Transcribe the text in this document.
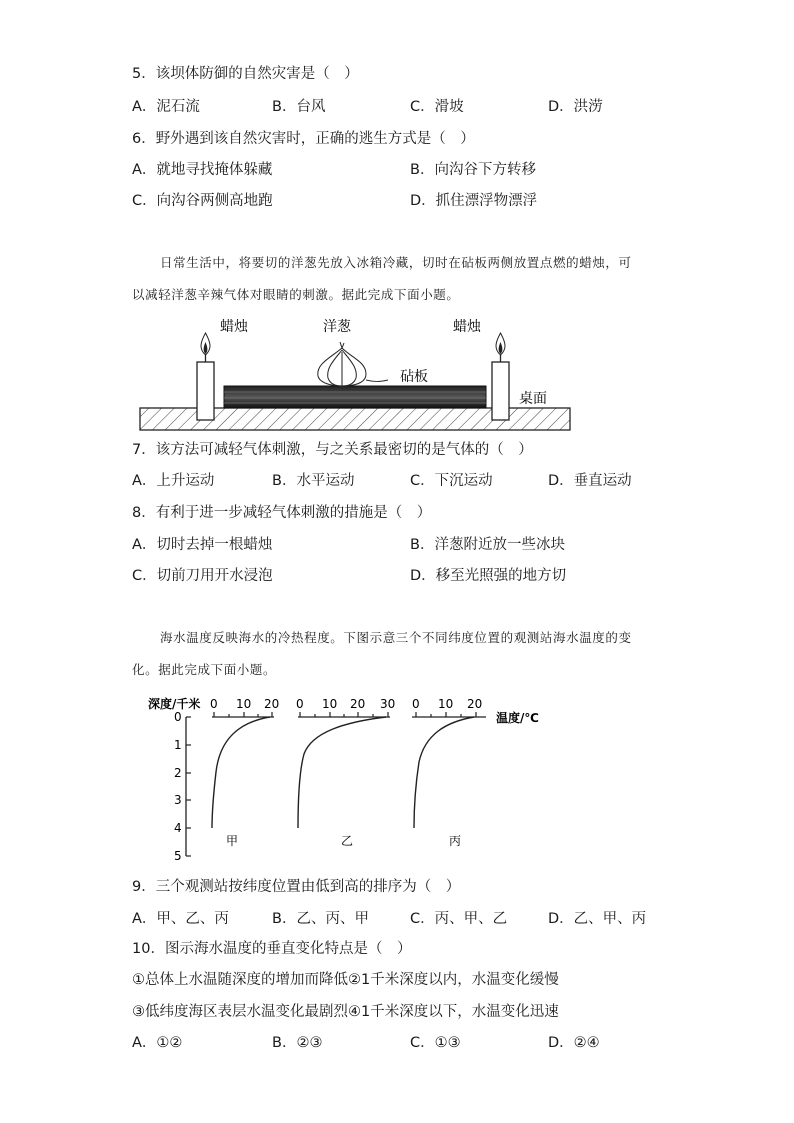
5．该坝体防御的自然灾害是（　）
A．泥石流	B．台风	C．滑坡	D．洪涝
6．野外遇到该自然灾害时，正确的逃生方式是（　）
A．就地寻找掩体躲藏	B．向沟谷下方转移
C．向沟谷两侧高地跑	D．抓住漂浮物漂浮
日常生活中，将要切的洋葱先放入冰箱冷藏，切时在砧板两侧放置点燃的蜡烛，可
以减轻洋葱辛辣气体对眼睛的刺激。据此完成下面小题。
蜡烛	洋葱	蜡烛
砧板
桌面
7．该方法可减轻气体刺激，与之关系最密切的是气体的（　）
A．上升运动	B．水平运动	C．下沉运动	D．垂直运动
8．有利于进一步减轻气体刺激的措施是（　）
A．切时去掉一根蜡烛	B．洋葱附近放一些冰块
C．切前刀用开水浸泡	D．移至光照强的地方切
海水温度反映海水的冷热程度。下图示意三个不同纬度位置的观测站海水温度的变
化。据此完成下面小题。
深度/千米
温度/℃
0
1
2
3
4
5
0 10 20
甲
0 10 20 30
乙
0 10 20
丙
9．三个观测站按纬度位置由低到高的排序为（　）
A．甲、乙、丙	B．乙、丙、甲	C．丙、甲、乙	D．乙、甲、丙
10．图示海水温度的垂直变化特点是（　）
①总体上水温随深度的增加而降低②1千米深度以内，水温变化缓慢
③低纬度海区表层水温变化最剧烈④1千米深度以下，水温变化迅速
A．①②	B．②③	C．①③	D．②④
